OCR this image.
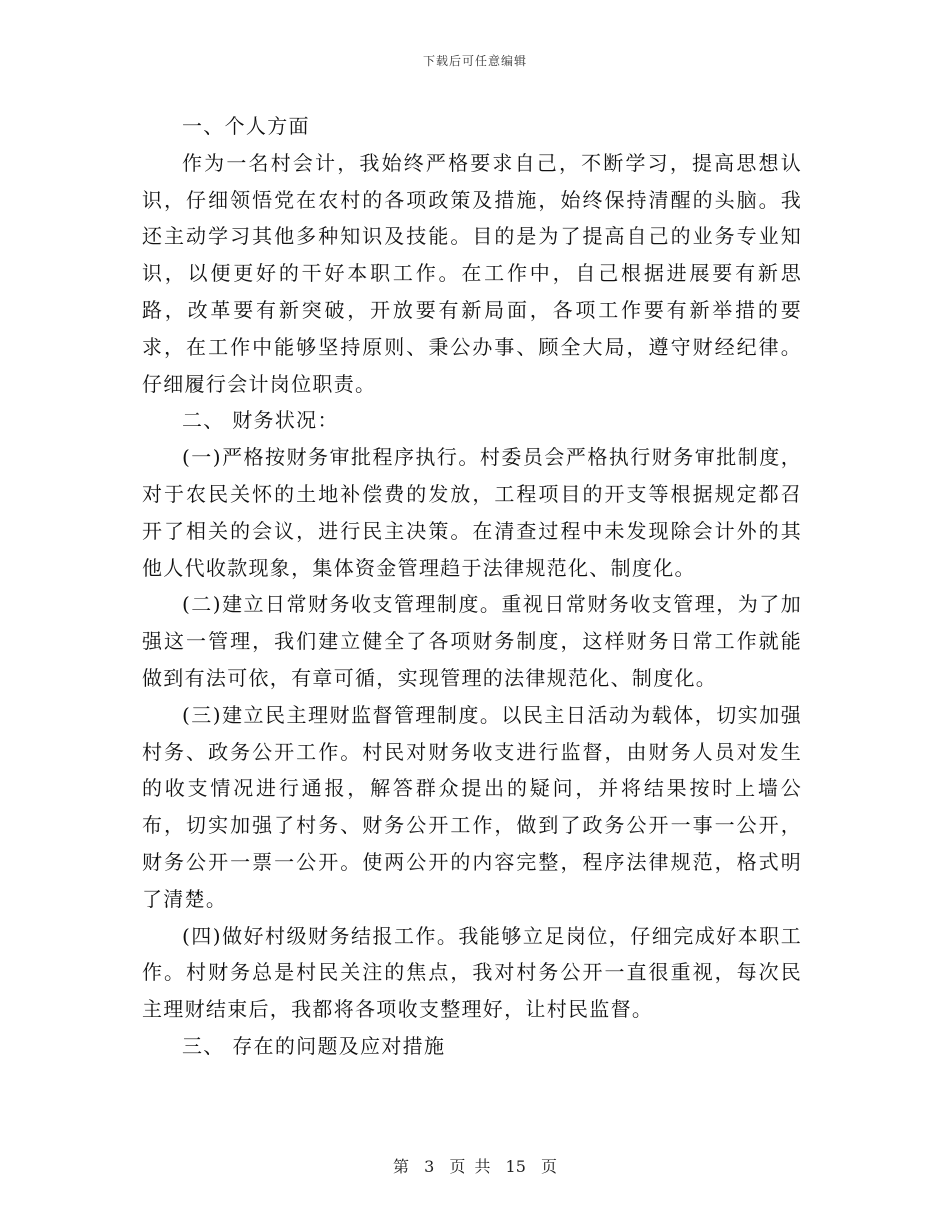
下载后可任意编辑

一、个人方面

作为一名村会计，我始终严格要求自己，不断学习，提高思想认识，仔细领悟党在农村的各项政策及措施，始终保持清醒的头脑。我还主动学习其他多种知识及技能。目的是为了提高自己的业务专业知识，以便更好的干好本职工作。在工作中，自己根据进展要有新思路，改革要有新突破，开放要有新局面，各项工作要有新举措的要求，在工作中能够坚持原则、秉公办事、顾全大局，遵守财经纪律。仔细履行会计岗位职责。

二、 财务状况：

(一)严格按财务审批程序执行。村委员会严格执行财务审批制度，对于农民关怀的土地补偿费的发放，工程项目的开支等根据规定都召开了相关的会议，进行民主决策。在清查过程中未发现除会计外的其他人代收款现象，集体资金管理趋于法律规范化、制度化。

(二)建立日常财务收支管理制度。重视日常财务收支管理，为了加强这一管理，我们建立健全了各项财务制度，这样财务日常工作就能做到有法可依，有章可循，实现管理的法律规范化、制度化。

(三)建立民主理财监督管理制度。以民主日活动为载体，切实加强村务、政务公开工作。村民对财务收支进行监督，由财务人员对发生的收支情况进行通报，解答群众提出的疑问，并将结果按时上墙公布，切实加强了村务、财务公开工作，做到了政务公开一事一公开，财务公开一票一公开。使两公开的内容完整，程序法律规范，格式明了清楚。

(四)做好村级财务结报工作。我能够立足岗位，仔细完成好本职工作。村财务总是村民关注的焦点，我对村务公开一直很重视，每次民主理财结束后，我都将各项收支整理好，让村民监督。

三、 存在的问题及应对措施

第 3 页 共 15 页
